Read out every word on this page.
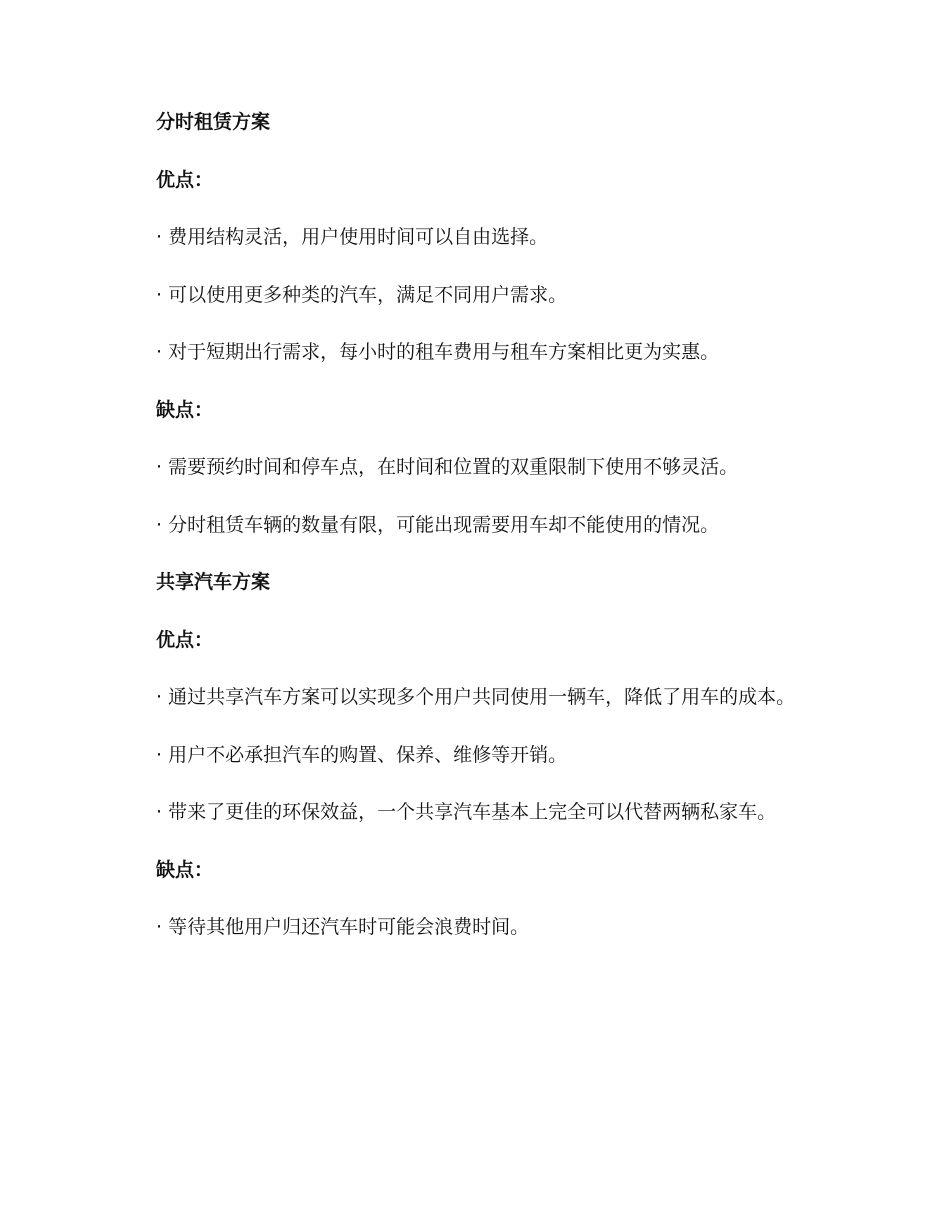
分时租赁方案
优点：
· 费用结构灵活，用户使用时间可以自由选择。
· 可以使用更多种类的汽车，满足不同用户需求。
· 对于短期出行需求，每小时的租车费用与租车方案相比更为实惠。
缺点：
· 需要预约时间和停车点，在时间和位置的双重限制下使用不够灵活。
· 分时租赁车辆的数量有限，可能出现需要用车却不能使用的情况。
共享汽车方案
优点：
· 通过共享汽车方案可以实现多个用户共同使用一辆车，降低了用车的成本。
· 用户不必承担汽车的购置、保养、维修等开销。
· 带来了更佳的环保效益，一个共享汽车基本上完全可以代替两辆私家车。
缺点：
· 等待其他用户归还汽车时可能会浪费时间。
